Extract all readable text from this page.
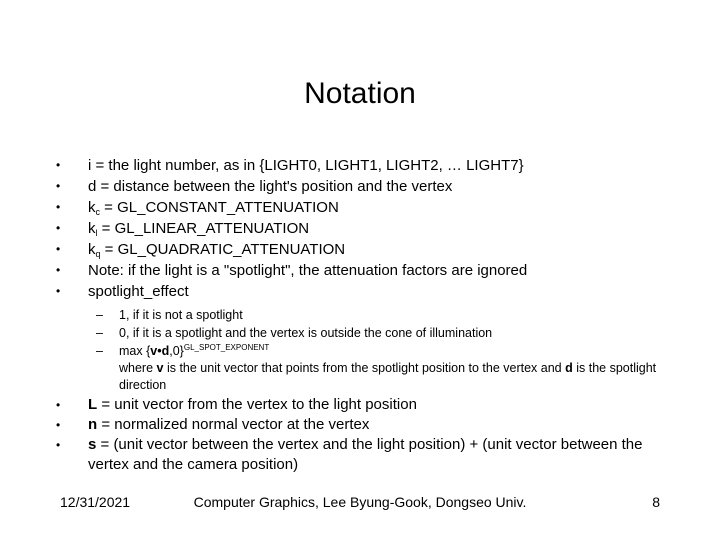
Notation
• i = the light number, as in {LIGHT0, LIGHT1, LIGHT2, … LIGHT7}
• d = distance between the light's position and the vertex
• $k_c$ = GL_CONSTANT_ATTENUATION
• $k_l$ = GL_LINEAR_ATTENUATION
• $k_q$ = GL_QUADRATIC_ATTENUATION
• Note: if the light is a "spotlight", the attenuation factors are ignored
• spotlight_effect
– 1, if it is not a spotlight
– 0, if it is a spotlight and the vertex is outside the cone of illumination
– max {v•d,0}$^{GL\_SPOT\_EXPONENT}$
where v is the unit vector that points from the spotlight position to the vertex and d is the spotlight direction
• L = unit vector from the vertex to the light position
• n = normalized normal vector at the vertex
• s = (unit vector between the vertex and the light position) + (unit vector between the vertex and the camera position)
12/31/2021	Computer Graphics, Lee Byung-Gook, Dongseo Univ.	8
